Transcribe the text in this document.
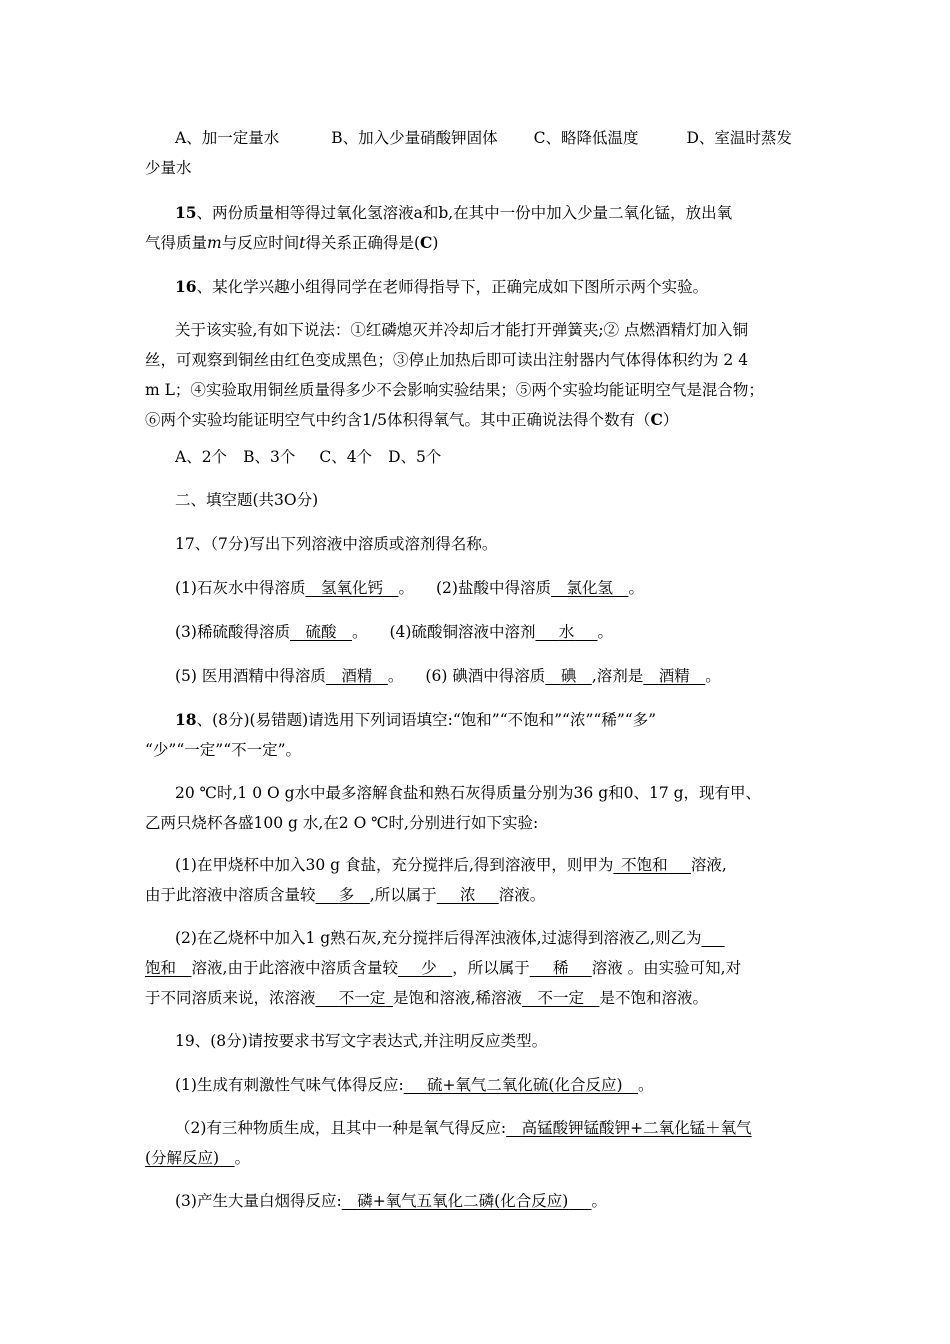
A、加一定量水	B、加入少量硝酸钾固体 C、略降低温度	D、室温时蒸发
少量水
15、两份质量相等得过氧化氢溶液a和b,在其中一份中加入少量二氧化锰，放出氧
气得质量m与反应时间t得关系正确得是(C)
16、某化学兴趣小组得同学在老师得指导下，正确完成如下图所示两个实验。
关于该实验,有如下说法：①红磷熄灭并冷却后才能打开弹簧夹;② 点燃酒精灯加入铜
丝，可观察到铜丝由红色变成黑色；③停止加热后即可读出注射器内气体得体积约为 2 4
m L；④实验取用铜丝质量得多少不会影响实验结果；⑤两个实验均能证明空气是混合物；
⑥两个实验均能证明空气中约含1/5体积得氧气。其中正确说法得个数有（C）
A、2个 B、3个 C、4个 D、5个
二、填空题(共3O分)
17、（7分)写出下列溶液中溶质或溶剂得名称。
(1)石灰水中得溶质   氢氧化钙   。 (2)盐酸中得溶质   氯化氢   。
(3)稀硫酸得溶质   硫酸   。 (4)硫酸铜溶液中溶剂    水    。
(5) 医用酒精中得溶质   酒精   。 (6) 碘酒中得溶质   碘   ,溶剂是   酒精   。
18、(8分)(易错题)请选用下列词语填空:“饱和”“不饱和”“浓”“稀”“多”
“少”“一定”“不一定”。
20 ℃时,1 0 O g水中最多溶解食盐和熟石灰得质量分别为36 g和0、17 g，现有甲、
乙两只烧杯各盛100 g 水,在2 O ℃时,分别进行如下实验:
(1)在甲烧杯中加入30 g 食盐，充分搅拌后,得到溶液甲，则甲为  不饱和    溶液,
由于此溶液中溶质含量较    多   ,所以属于    浓    溶液。
(2)在乙烧杯中加入1 g熟石灰,充分搅拌后得浑浊液体,过滤得到溶液乙,则乙为   
饱和   溶液,由于此溶液中溶质含量较    少   ，所以属于    稀    溶液 。由实验可知,对
于不同溶质来说，浓溶液    不一定  是饱和溶液,稀溶液   不一定   是不饱和溶液。
19、(8分)请按要求书写文字表达式,并注明反应类型。
(1)生成有刺激性气味气体得反应:    硫+氧气二氧化硫(化合反应)   。
（2)有三种物质生成，且其中一种是氧气得反应:   高锰酸钾锰酸钾+二氧化锰＋氧气
(分解反应)   。
(3)产生大量白烟得反应:   磷+氧气五氧化二磷(化合反应)    。
